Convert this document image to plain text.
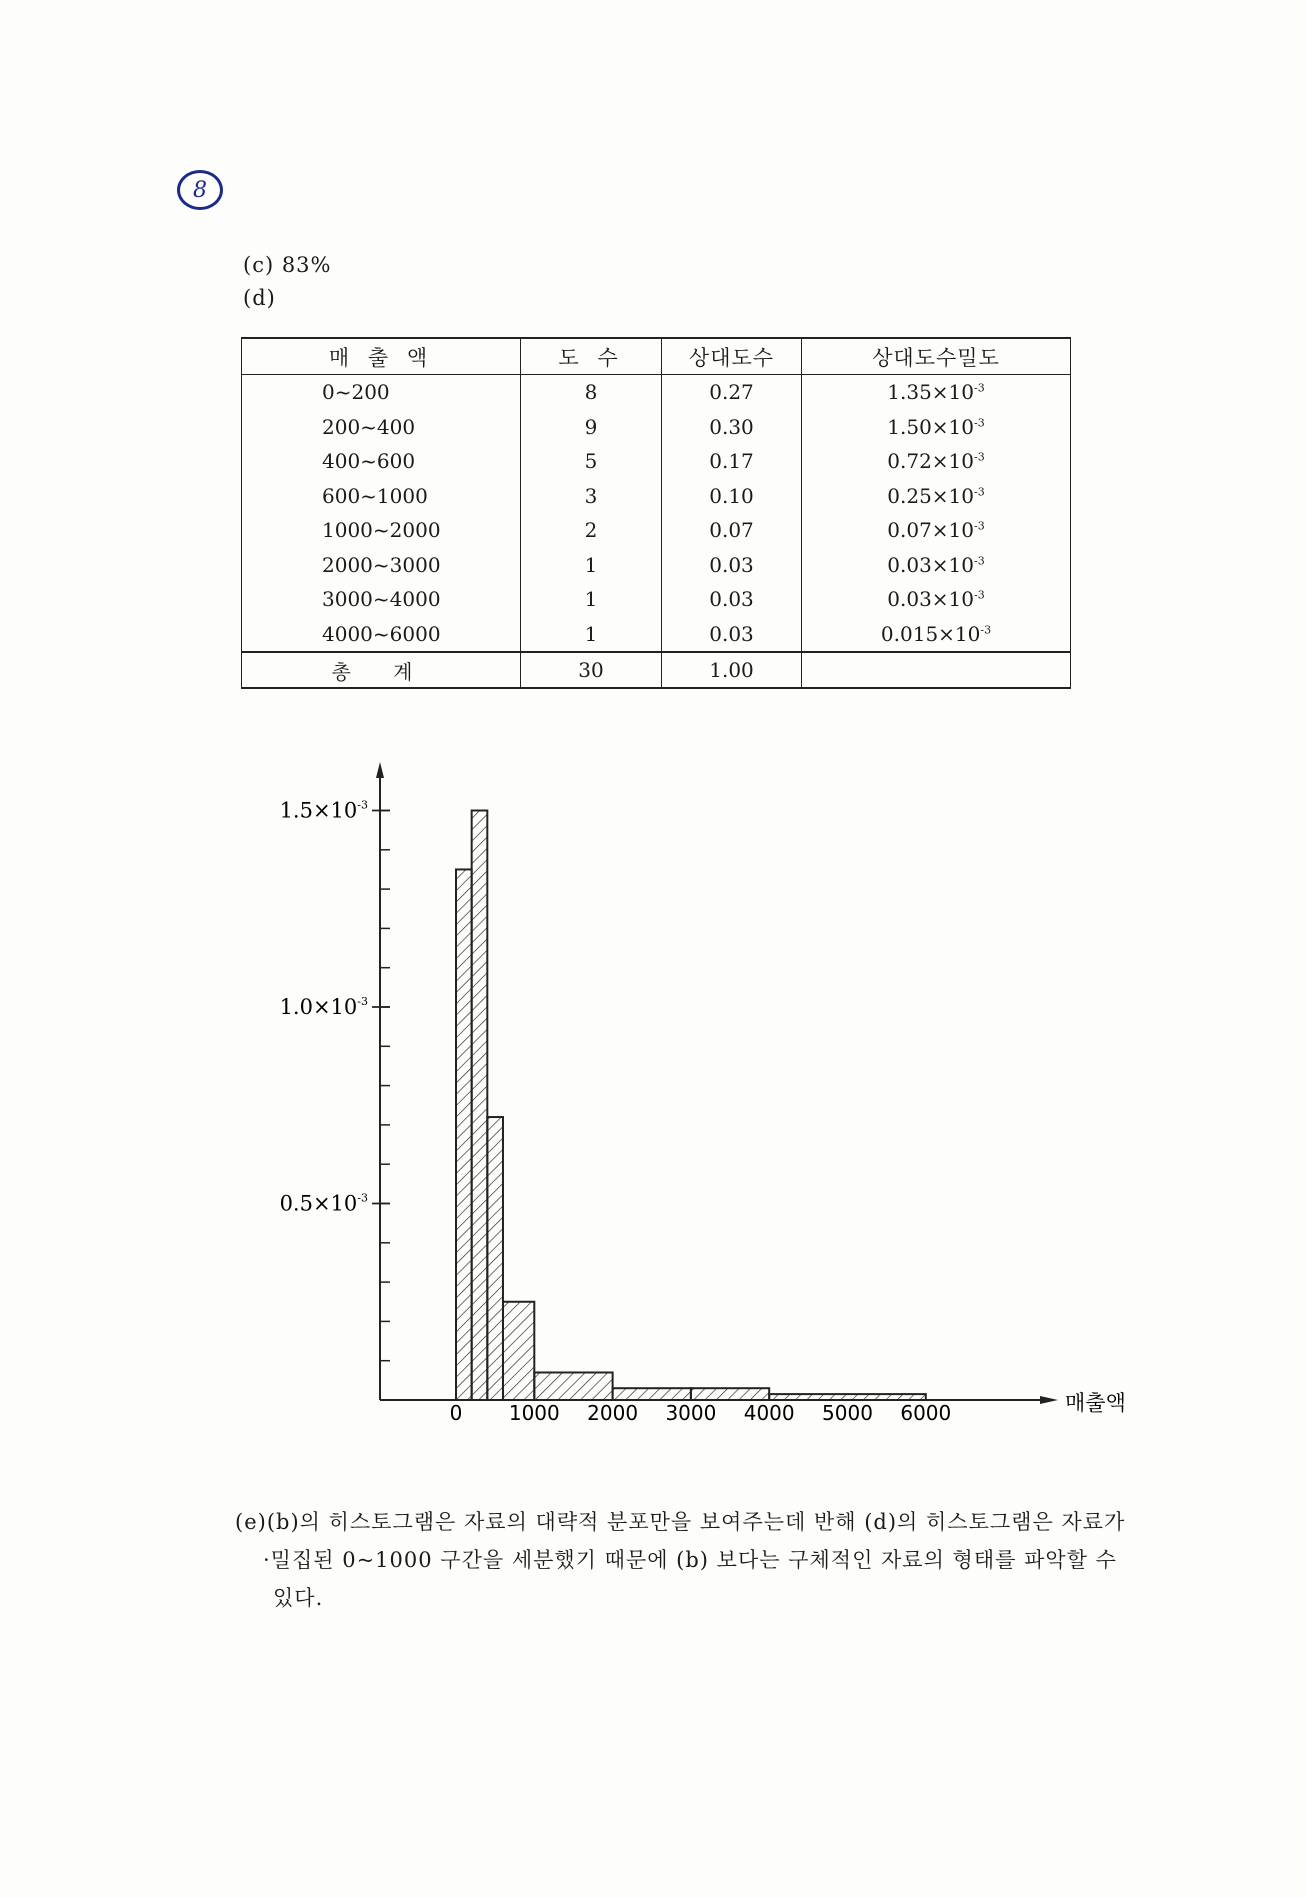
8
(c) 83%
(d)
매 출 액	도 수	상대도수	상대도수밀도
0~200	8	0.27	$1.35\times 10^{-3}$
200~400	9	0.30	$1.50\times 10^{-3}$
400~600	5	0.17	$0.72\times 10^{-3}$
600~1000	3	0.10	$0.25\times 10^{-3}$
1000~2000	2	0.07	$0.07\times 10^{-3}$
2000~3000	1	0.03	$0.03\times 10^{-3}$
3000~4000	1	0.03	$0.03\times 10^{-3}$
4000~6000	1	0.03	$0.015\times 10^{-3}$
총 계	30	1.00	
$0.5\times 10^{-3}$
$1.0\times 10^{-3}$
$1.5\times 10^{-3}$
0 1000 2000 3000 4000 5000 6000	매출액
(e)(b)의 히스토그램은 자료의 대략적 분포만을 보여주는데 반해 (d)의 히스토그램은 자료가

·밀집된 0~1000 구간을 세분했기 때문에 (b) 보다는 구체적인 자료의 형태를 파악할 수
있다.
